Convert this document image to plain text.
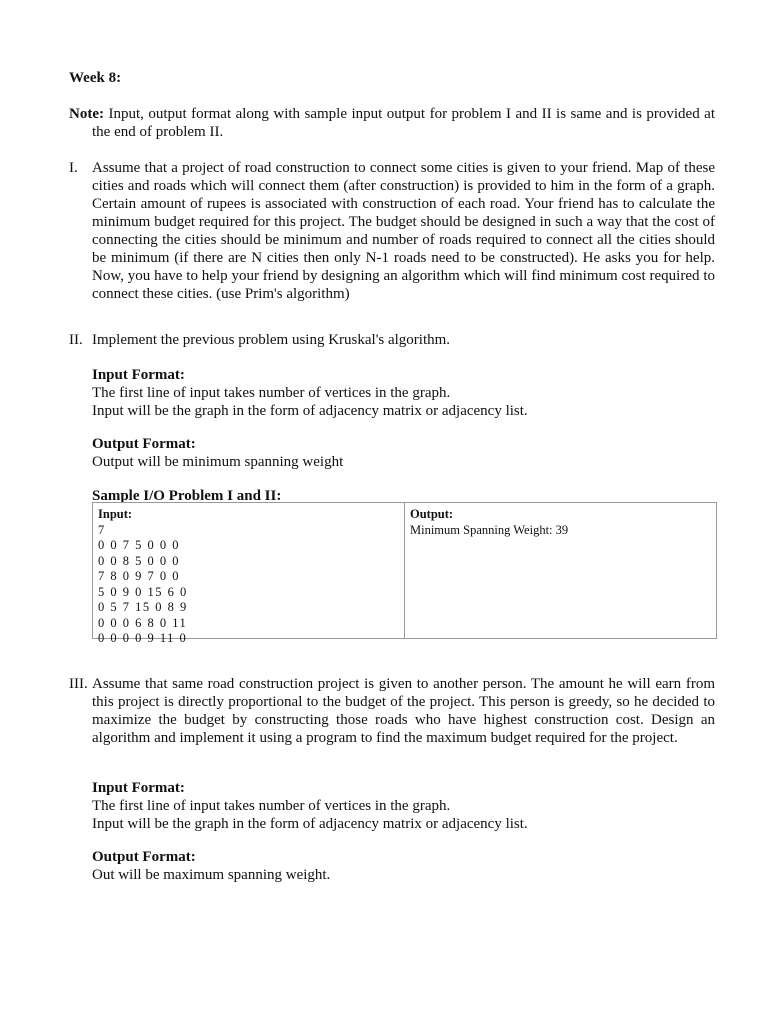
Week 8:
Note: Input, output format along with sample input output for problem I and II is same and is provided at the end of problem II.
I. Assume that a project of road construction to connect some cities is given to your friend. Map of these cities and roads which will connect them (after construction) is provided to him in the form of a graph. Certain amount of rupees is associated with construction of each road. Your friend has to calculate the minimum budget required for this project. The budget should be designed in such a way that the cost of connecting the cities should be minimum and number of roads required to connect all the cities should be minimum (if there are N cities then only N-1 roads need to be constructed). He asks you for help. Now, you have to help your friend by designing an algorithm which will find minimum cost required to connect these cities. (use Prim's algorithm)
II. Implement the previous problem using Kruskal's algorithm.
Input Format:
The first line of input takes number of vertices in the graph.
Input will be the graph in the form of adjacency matrix or adjacency list.
Output Format:
Output will be minimum spanning weight
Sample I/O Problem I and II:
Input:
7
0 0 7 5 0 0 0
0 0 8 5 0 0 0
7 8 0 9 7 0 0
5 0 9 0 15 6 0
0 5 7 15 0 8 9
0 0 0 6 8 0 11
0 0 0 0 9 11 0
Output:
Minimum Spanning Weight: 39
III. Assume that same road construction project is given to another person. The amount he will earn from this project is directly proportional to the budget of the project. This person is greedy, so he decided to maximize the budget by constructing those roads who have highest construction cost. Design an algorithm and implement it using a program to find the maximum budget required for the project.
Input Format:
The first line of input takes number of vertices in the graph.
Input will be the graph in the form of adjacency matrix or adjacency list.
Output Format:
Out will be maximum spanning weight.
